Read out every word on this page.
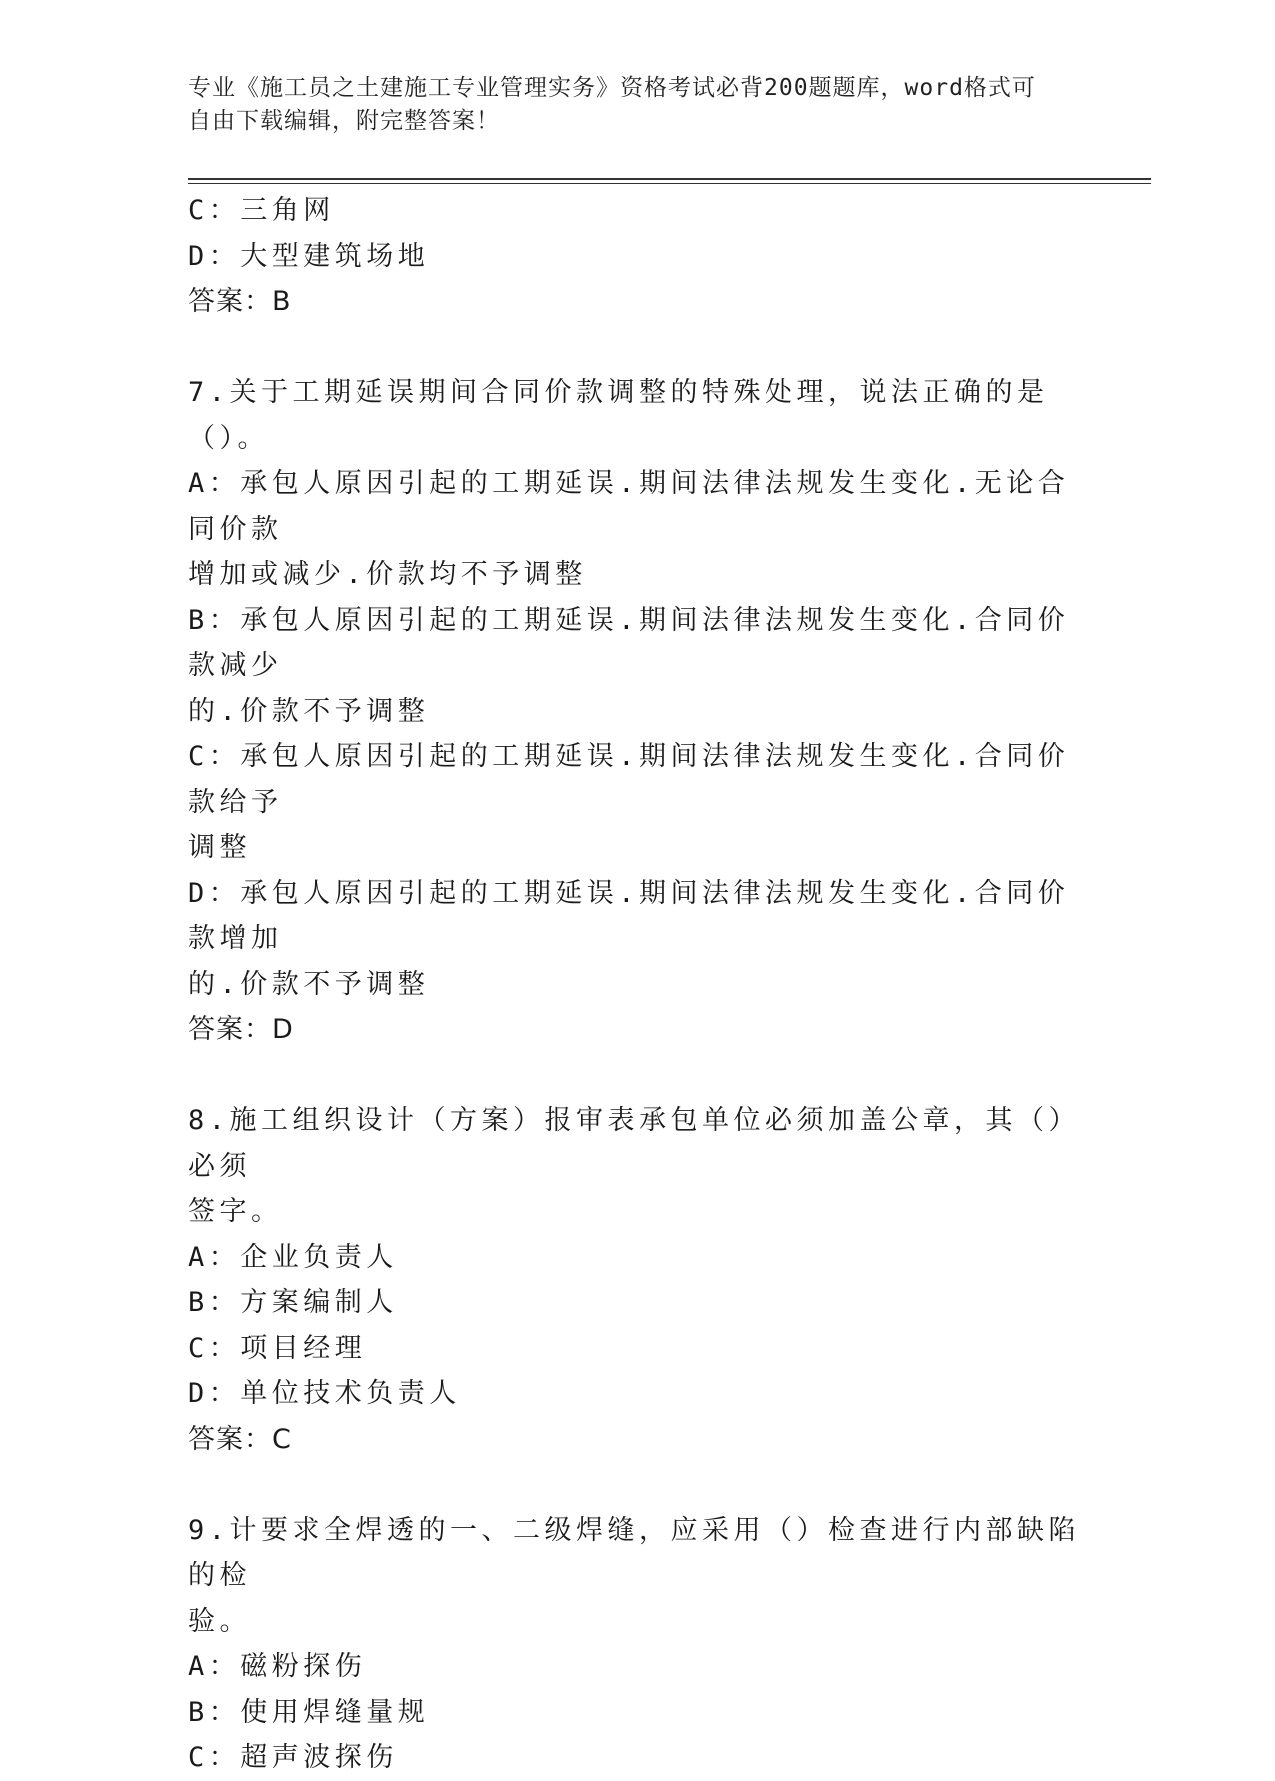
专业《施工员之土建施工专业管理实务》资格考试必背200题题库，word格式可
自由下载编辑，附完整答案！

C：三角网

D：大型建筑场地

答案：B

7.关于工期延误期间合同价款调整的特殊处理，说法正确的是（）。

A：承包人原因引起的工期延误.期间法律法规发生变化.无论合同价款

增加或减少.价款均不予调整

B：承包人原因引起的工期延误.期间法律法规发生变化.合同价款减少

的.价款不予调整

C：承包人原因引起的工期延误.期间法律法规发生变化.合同价款给予

调整

D：承包人原因引起的工期延误.期间法律法规发生变化.合同价款增加

的.价款不予调整

答案：D

8.施工组织设计（方案）报审表承包单位必须加盖公章，其（）必须

签字。

A：企业负责人

B：方案编制人

C：项目经理

D：单位技术负责人

答案：C

9.计要求全焊透的一、二级焊缝，应采用（）检查进行内部缺陷的检

验。

A：磁粉探伤

B：使用焊缝量规

C：超声波探伤
